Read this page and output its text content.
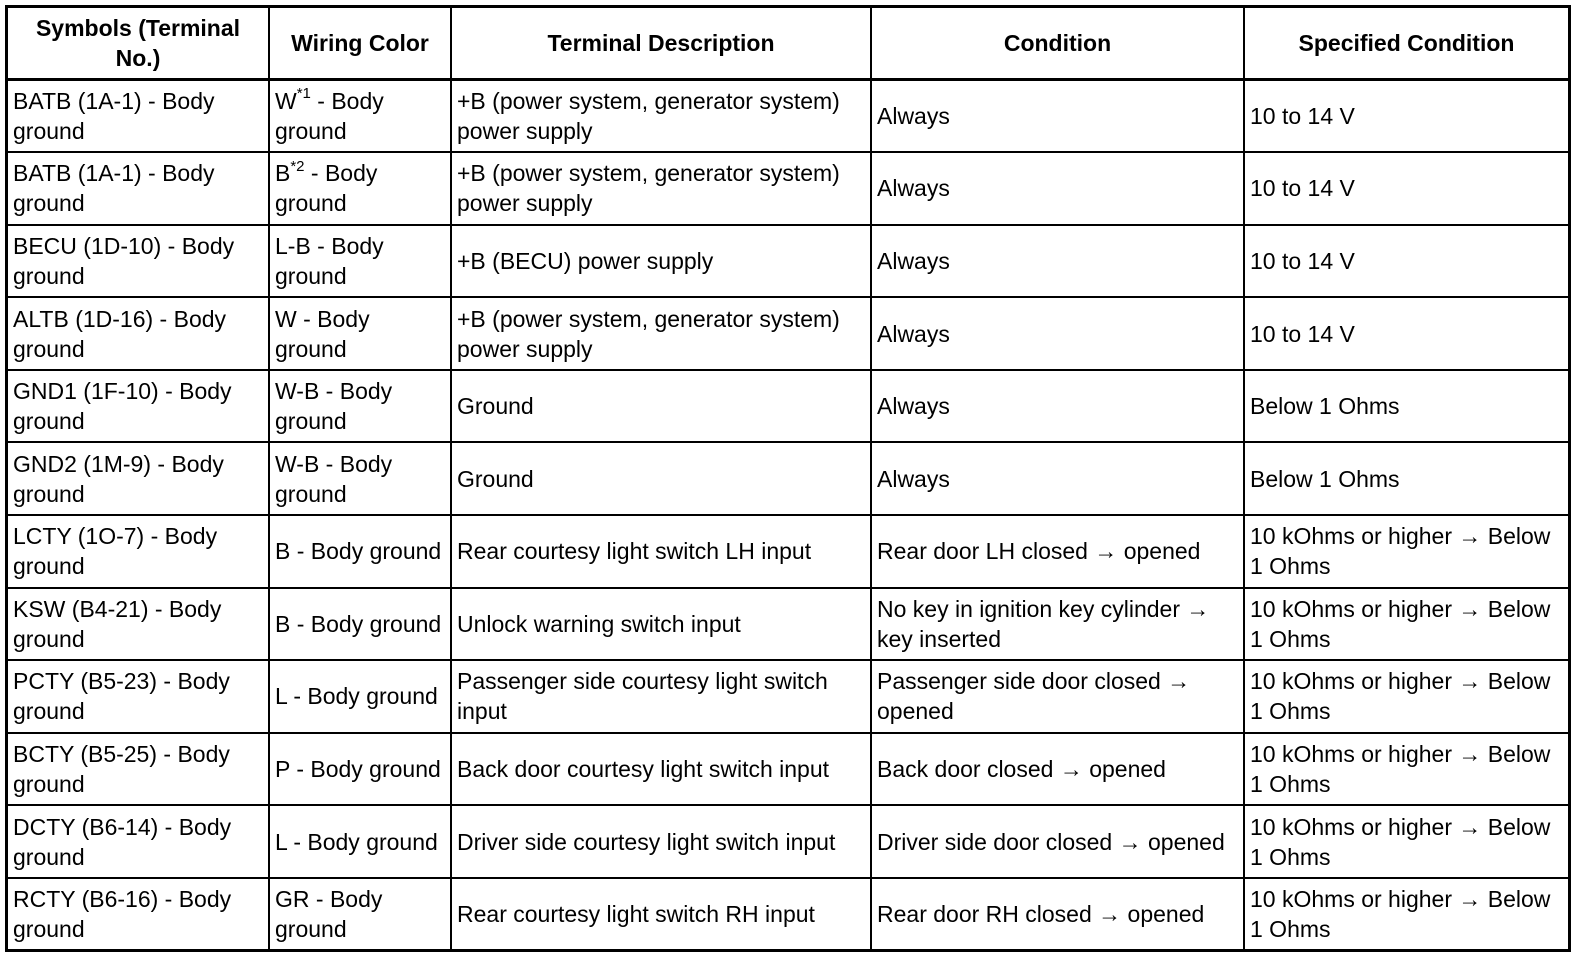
Symbols (Terminal No.)	Wiring Color	Terminal Description	Condition	Specified Condition
BATB (1A-1) - Body ground	$W^{*1}$ - Body ground	+B (power system, generator system) power supply	Always	10 to 14 V
BATB (1A-1) - Body ground	$B^{*2}$ - Body ground	+B (power system, generator system) power supply	Always	10 to 14 V
BECU (1D-10) - Body ground	L-B - Body ground	+B (BECU) power supply	Always	10 to 14 V
ALTB (1D-16) - Body ground	W - Body ground	+B (power system, generator system) power supply	Always	10 to 14 V
GND1 (1F-10) - Body ground	W-B - Body ground	Ground	Always	Below 1 Ohms
GND2 (1M-9) - Body ground	W-B - Body ground	Ground	Always	Below 1 Ohms
LCTY (1O-7) - Body ground	B - Body ground	Rear courtesy light switch LH input	Rear door LH closed → opened	10 kOhms or higher → Below 1 Ohms
KSW (B4-21) - Body ground	B - Body ground	Unlock warning switch input	No key in ignition key cylinder → key inserted	10 kOhms or higher → Below 1 Ohms
PCTY (B5-23) - Body ground	L - Body ground	Passenger side courtesy light switch input	Passenger side door closed → opened	10 kOhms or higher → Below 1 Ohms
BCTY (B5-25) - Body ground	P - Body ground	Back door courtesy light switch input	Back door closed → opened	10 kOhms or higher → Below 1 Ohms
DCTY (B6-14) - Body ground	L - Body ground	Driver side courtesy light switch input	Driver side door closed → opened	10 kOhms or higher → Below 1 Ohms
RCTY (B6-16) - Body ground	GR - Body ground	Rear courtesy light switch RH input	Rear door RH closed → opened	10 kOhms or higher → Below 1 Ohms
